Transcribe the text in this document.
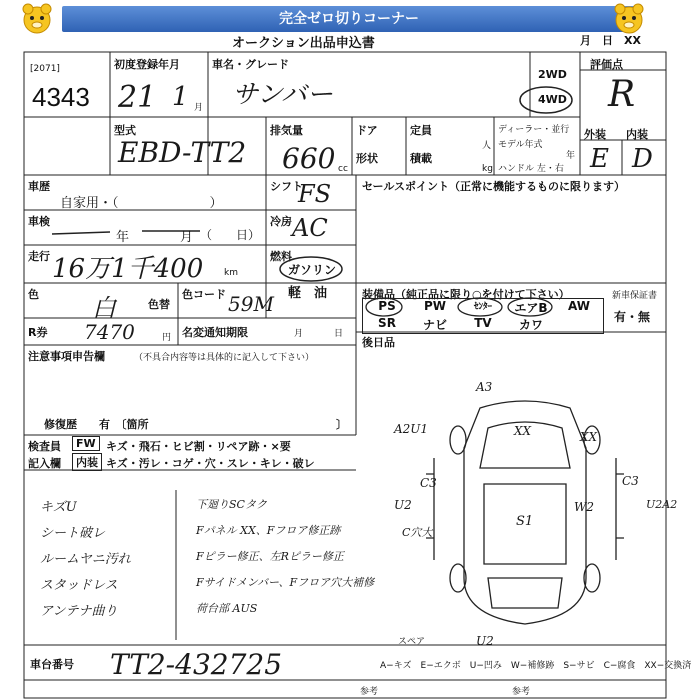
完全ゼロ切りコーナー
オークション出品申込書	月　日　XX
[2071]
4343
初度登録年月
21 1 月
車名・グレード
サンバー
2WD
4WD
評価点
R
外装 内装
E D
型式
EBD-TT2
排気量
660 cc
ドア	定員
人
形状	積載
kg
ディーラー・並行
モデル年式
年
ハンドル 左・右
車歴
自家用・（　　　　　　　）
シフト
FS
車検
年	月 （　　日）
冷房 AC
走行 16万1千400 km
燃料
ガソリン
軽　油
色 白	色替
色コード 59M
R券 7470	円 名変通知期限	月	日
セールスポイント（正常に機能するものに限ります）
装備品（純正品に限り○を付けて下さい）	新車保証書
PS	PW	ｾﾝﾀｰ	エアB	AW
SR	ナビ	TV	カワ
有・無
後日品
注意事項申告欄	（不具合内容等は具体的に記入して下さい）
修復歴　　有　〔箇所	〕
検査員
記入欄
FW キズ・飛石・ヒビ割・リペア跡・×要
内装 キズ・汚レ・コゲ・穴・スレ・キレ・破レ
キズU
シート破レ
ルームヤニ汚れ
スタッドレス
アンテナ曲り
下廻りSCタク
Fパネル XX、Fフロア修正跡
Fピラー修正、左Rピラー修正
Fサイドメンバー、Fフロア穴大補修
荷台部 AUS
A3
A2U1	XX	XX
C3	C3
U2	W2	U2A2
C穴大
S1
U2
スペア
A−キズ　E−エクボ　U−凹み　W−補修跡　S−サビ　C−腐食　XX−交換済
車台番号 TT2-432725
参考	参考
